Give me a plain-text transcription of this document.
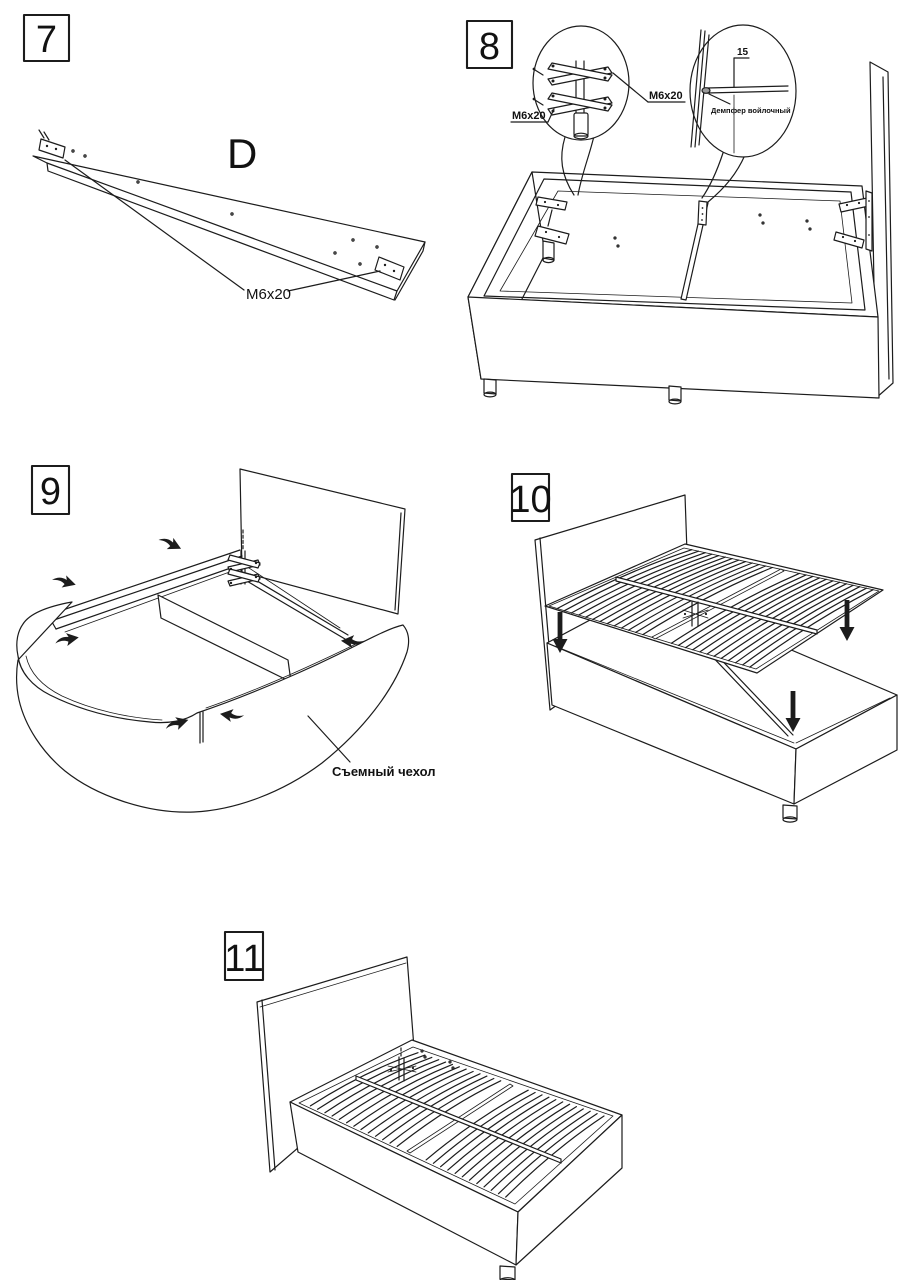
7
D
M6x20
8
M6x20
M6x20
15
Демпфер войлочный
9
Съемный чехол
10
11
